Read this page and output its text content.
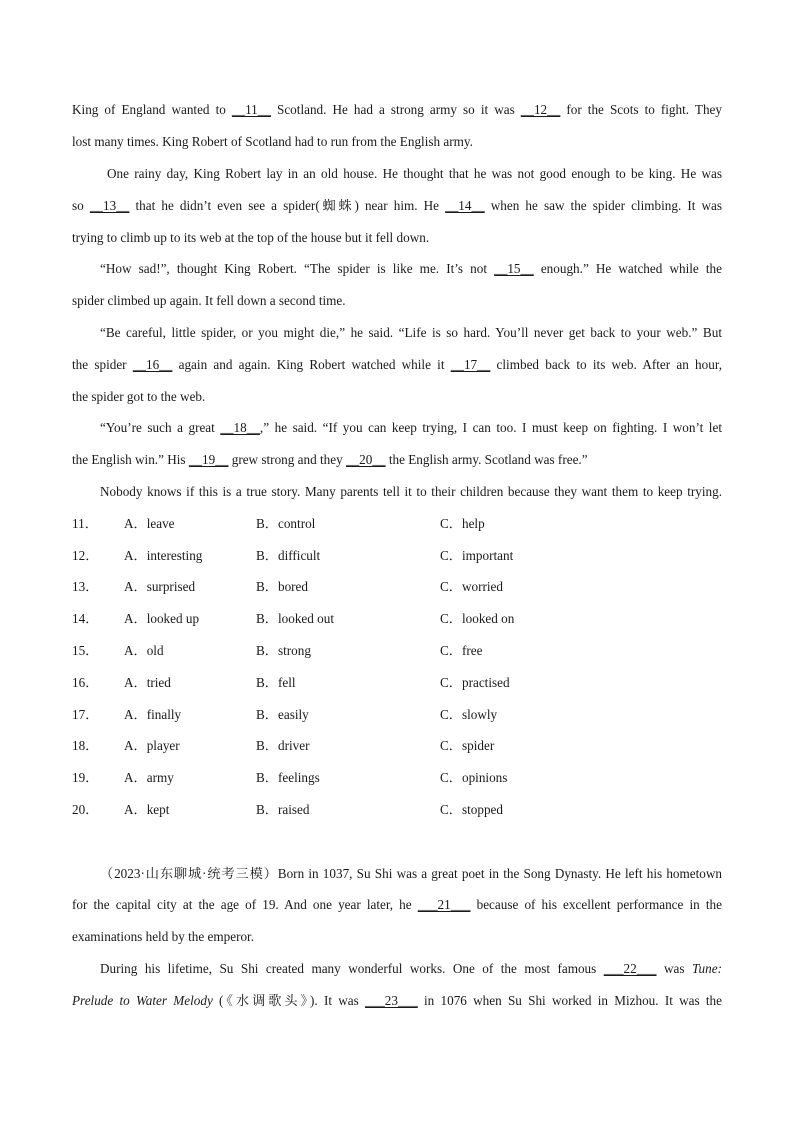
King of England wanted to __11__ Scotland. He had a strong army so it was __12__ for the Scots to fight. They
lost many times. King Robert of Scotland had to run from the English army.
One rainy day, King Robert lay in an old house. He thought that he was not good enough to be king. He was
so __13__ that he didn’t even see a spider(蜘蛛) near him. He __14__ when he saw the spider climbing. It was
trying to climb up to its web at the top of the house but it fell down.
“How sad!”, thought King Robert. “The spider is like me. It’s not __15__ enough.” He watched while the
spider climbed up again. It fell down a second time.
“Be careful, little spider, or you might die,” he said. “Life is so hard. You’ll never get back to your web.” But
the spider __16__ again and again. King Robert watched while it __17__ climbed back to its web. After an hour,
the spider got to the web.
“You’re such a great __18__,” he said. “If you can keep trying, I can too. I must keep on fighting. I won’t let
the English win.” His __19__ grew strong and they __20__ the English army. Scotland was free.”
Nobody knows if this is a true story. Many parents tell it to their children because they want them to keep trying.
11． A．leave	B．control	C．help
12． A．interesting	B．difficult	C．important
13． A．surprised	B．bored	C．worried
14． A．looked up	B．looked out	C．looked on
15． A．old	B．strong	C．free
16． A．tried	B．fell	C．practised
17． A．finally	B．easily	C．slowly
18． A．player	B．driver	C．spider
19． A．army	B．feelings	C．opinions
20． A．kept	B．raised	C．stopped
（2023·山东聊城·统考三模）Born in 1037, Su Shi was a great poet in the Song Dynasty. He left his hometown
for the capital city at the age of 19. And one year later, he ___21___ because of his excellent performance in the
examinations held by the emperor.
During his lifetime, Su Shi created many wonderful works. One of the most famous ___22___ was Tune:
Prelude to Water Melody (《水调歌头》). It was ___23___ in 1076 when Su Shi worked in Mizhou. It was the
